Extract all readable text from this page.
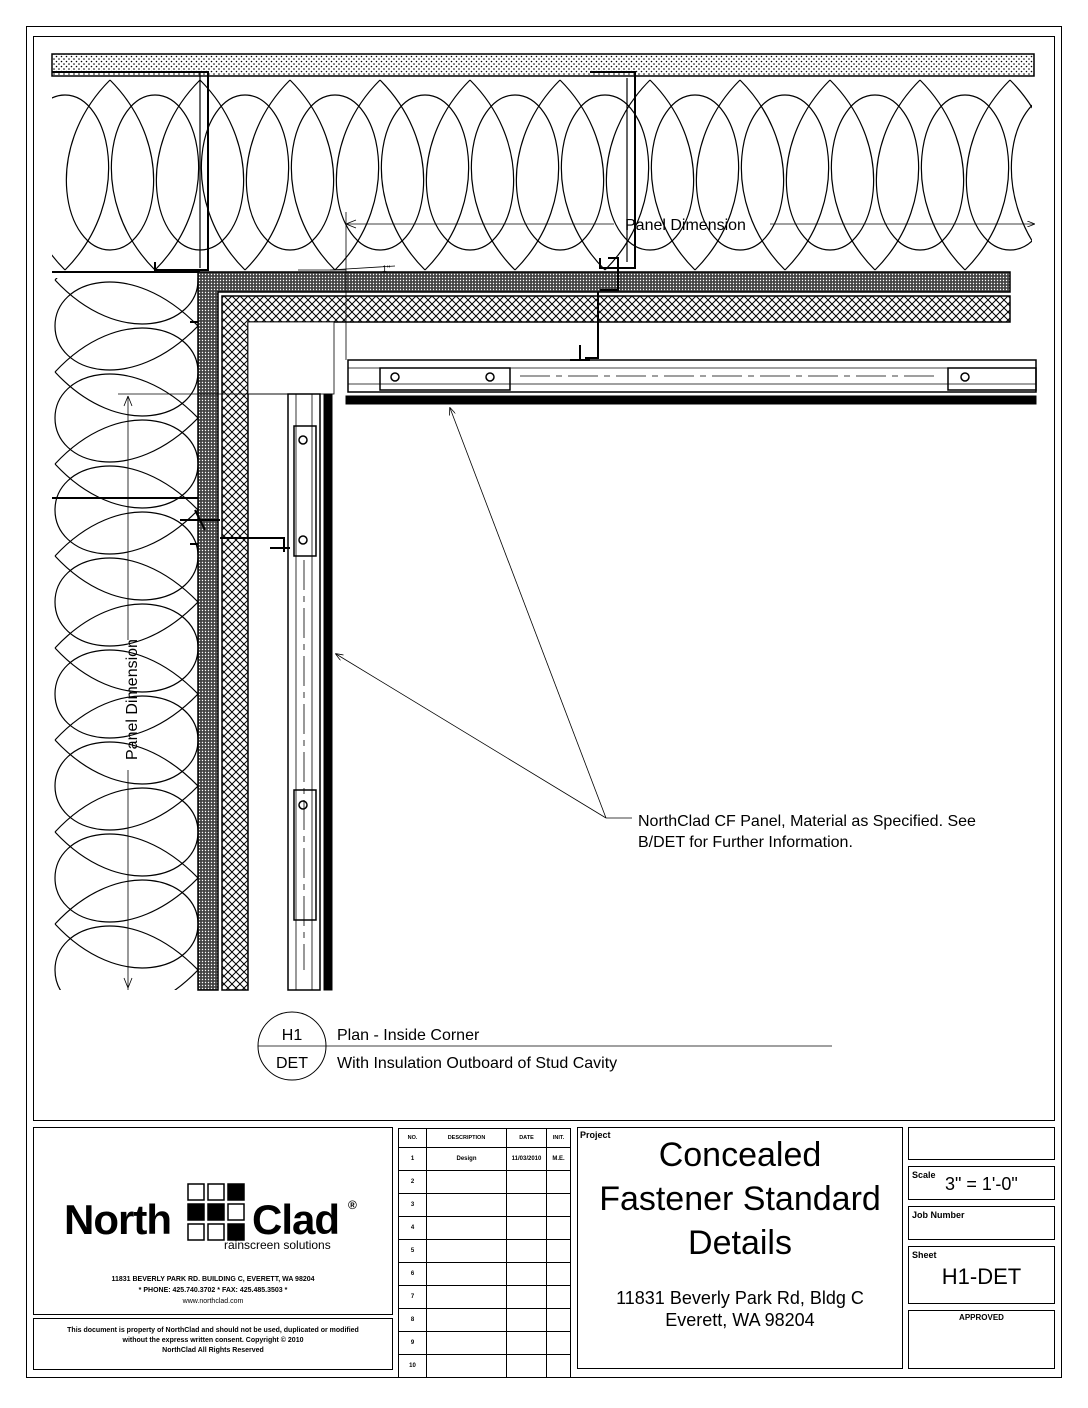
Panel Dimension
Panel Dimension
1"
NorthClad CF Panel, Material as Specified. See
B/DET for Further Information.
H1
DET
Plan - Inside Corner
With Insulation Outboard of Stud Cavity
North Clad ®
rainscreen solutions
11831 BEVERLY PARK RD. BUILDING C, EVERETT, WA 98204
* PHONE: 425.740.3702 * FAX: 425.485.3503 *
www.northclad.com
This document is property of NorthClad and should not be used, duplicated or modified
without the express written consent. Copyright © 2010
NorthClad All Rights Reserved
NO.	DESCRIPTION	DATE	INIT.
1	Design	11/03/2010	M.E.
2			
3			
4			
5			
6			
7			
8			
9			
10			
Project
Concealed
Fastener Standard
Details
11831 Beverly Park Rd, Bldg C
Everett, WA 98204
Scale 3" = 1'-0"
Job Number
Sheet
H1-DET
APPROVED
